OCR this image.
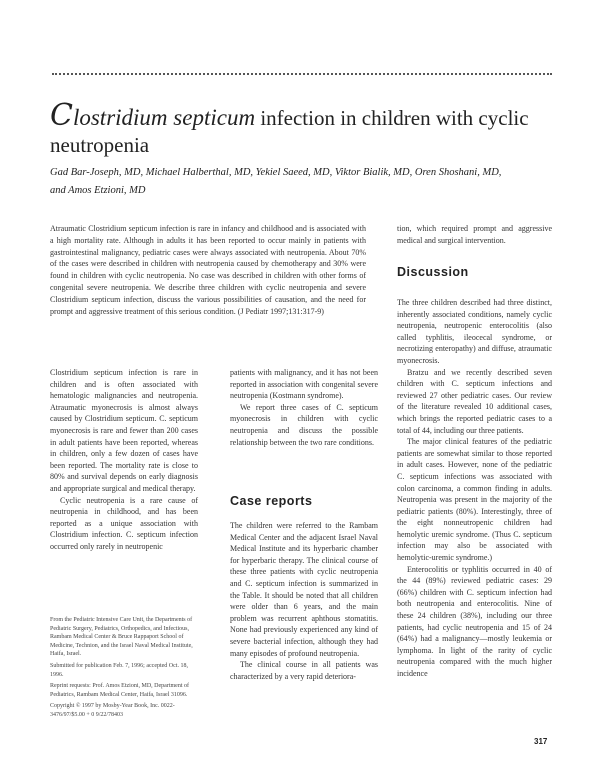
Clostridium septicum infection in children with cyclic
neutropenia
Gad Bar-Joseph, MD, Michael Halberthal, MD, Yekiel Saeed, MD, Viktor Bialik, MD, Oren Shoshani, MD,
and Amos Etzioni, MD
Atraumatic Clostridium septicum infection is rare in infancy and childhood and is associated with a high mortality rate. Although in adults it has been reported to occur mainly in patients with gastrointestinal malignancy, pediatric cases were always associated with neutropenia. About 70% of the cases were described in children with neutropenia caused by chemotherapy and 30% were found in children with cyclic neutropenia. No case was described in children with other forms of congenital severe neutropenia. We describe three children with cyclic neutropenia and severe Clostridium septicum infection, discuss the various possibilities of causation, and the need for prompt and aggressive treatment of this serious condition. (J Pediatr 1997;131:317-9)

tion, which required prompt and aggressive medical and surgical intervention.

Discussion

The three children described had three distinct, inherently associated conditions, namely cyclic neutropenia, neutropenic enterocolitis (also called typhlitis, ileocecal syndrome, or necrotizing enteropathy) and diffuse, atraumatic myonecrosis.

Bratzu and we recently described seven children with C. septicum infections and reviewed 27 other pediatric cases. Our review of the literature revealed 10 additional cases, which brings the reported pediatric cases to a total of 44, including our three patients.

The major clinical features of the pediatric patients are somewhat similar to those reported in adult cases. However, none of the pediatric C. septicum infections was associated with colon carcinoma, a common finding in adults. Neutropenia was present in the majority of the pediatric patients (80%). Interestingly, three of the eight nonneutropenic children had hemolytic uremic syndrome. (Thus C. septicum infection may also be associated with hemolytic-uremic syndrome.)

Enterocolitis or typhlitis occurred in 40 of the 44 (89%) reviewed pediatric cases: 29 (66%) children with C. septicum infection had both neutropenia and enterocolitis. Nine of these 24 children (38%), including our three patients, had cyclic neutropenia and 15 of 24 (64%) had a malignancy—mostly leukemia or lymphoma. In light of the rarity of cyclic neutropenia compared with the much higher incidence

Clostridium septicum infection is rare in children and is often associated with hematologic malignancies and neutropenia. Atraumatic myonecrosis is almost always caused by Clostridium septicum. C. septicum myonecrosis is rare and fewer than 200 cases in adult patients have been reported, whereas in children, only a few dozen of cases have been reported. The mortality rate is close to 80% and survival depends on early diagnosis and appropriate surgical and medical therapy.

Cyclic neutropenia is a rare cause of neutropenia in childhood, and has been reported as a unique association with Clostridium infection. C. septicum infection occurred only rarely in neutropenic

patients with malignancy, and it has not been reported in association with congenital severe neutropenia (Kostmann syndrome).

We report three cases of C. septicum myonecrosis in children with cyclic neutropenia and discuss the possible relationship between the two rare conditions.

Case reports

The children were referred to the Rambam Medical Center and the adjacent Israel Naval Medical Institute and its hyperbaric chamber for hyperbaric therapy. The clinical course of these three patients with cyclic neutropenia and C. septicum infection is summarized in the Table. It should be noted that all children were older than 6 years, and the main problem was recurrent aphthous stomatitis. None had previously experienced any kind of severe bacterial infection, although they had many episodes of profound neutropenia.

The clinical course in all patients was characterized by a very rapid deteriora-

From the Pediatric Intensive Care Unit, the Departments of Pediatric Surgery, Pediatrics, Orthopedics, and Infectious, Rambam Medical Center & Bruce Rappaport School of Medicine, Technion, and the Israel Naval Medical Institute, Haifa, Israel.

Submitted for publication Feb. 7, 1996; accepted Oct. 18, 1996.

Reprint requests: Prof. Amos Etzioni, MD, Department of Pediatrics, Rambam Medical Center, Haifa, Israel 31096.

Copyright © 1997 by Mosby-Year Book, Inc. 0022-3476/97/$5.00 + 0 9/22/78403

317
